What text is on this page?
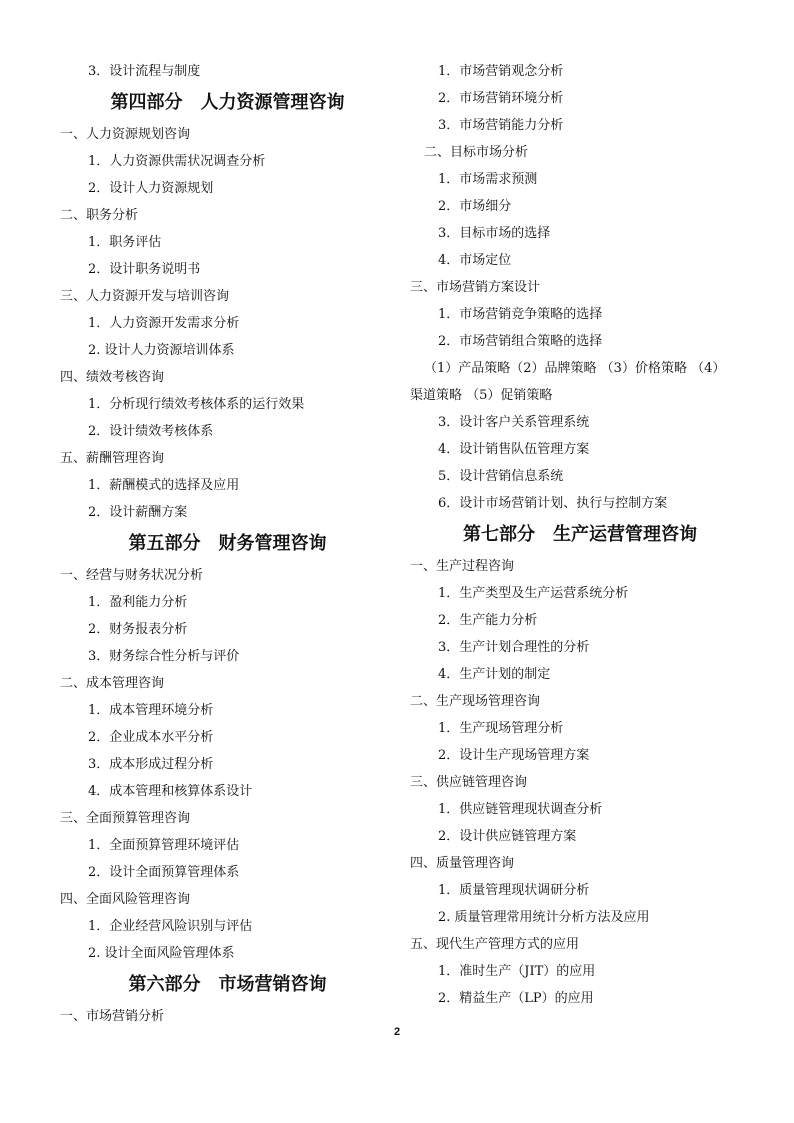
3．设计流程与制度
第四部分　人力资源管理咨询
一、人力资源规划咨询
1．人力资源供需状况调查分析
2．设计人力资源规划
二、职务分析
1．职务评估
2．设计职务说明书
三、人力资源开发与培训咨询
1．人力资源开发需求分析
2. 设计人力资源培训体系
四、绩效考核咨询
1．分析现行绩效考核体系的运行效果
2．设计绩效考核体系
五、薪酬管理咨询
1．薪酬模式的选择及应用
2．设计薪酬方案
第五部分　财务管理咨询
一、经营与财务状况分析
1．盈利能力分析
2．财务报表分析
3．财务综合性分析与评价
二、成本管理咨询
1．成本管理环境分析
2．企业成本水平分析
3．成本形成过程分析
4．成本管理和核算体系设计
三、全面预算管理咨询
1．全面预算管理环境评估
2．设计全面预算管理体系
四、全面风险管理咨询
1．企业经营风险识别与评估
2. 设计全面风险管理体系
第六部分　市场营销咨询
一、市场营销分析
1．市场营销观念分析
2．市场营销环境分析
3．市场营销能力分析
二、目标市场分析
1．市场需求预测
2．市场细分
3．目标市场的选择
4．市场定位
三、市场营销方案设计
1．市场营销竞争策略的选择
2．市场营销组合策略的选择
（1）产品策略（2）品牌策略 （3）价格策略 （4）
渠道策略 （5）促销策略
3．设计客户关系管理系统
4．设计销售队伍管理方案
5．设计营销信息系统
6．设计市场营销计划、执行与控制方案
第七部分　生产运营管理咨询
一、生产过程咨询
1．生产类型及生产运营系统分析
2．生产能力分析
3．生产计划合理性的分析
4．生产计划的制定
二、生产现场管理咨询
1．生产现场管理分析
2．设计生产现场管理方案
三、供应链管理咨询
1．供应链管理现状调查分析
2．设计供应链管理方案
四、质量管理咨询
1．质量管理现状调研分析
2. 质量管理常用统计分析方法及应用
五、现代生产管理方式的应用
1．准时生产（JIT）的应用
2．精益生产（LP）的应用
2
